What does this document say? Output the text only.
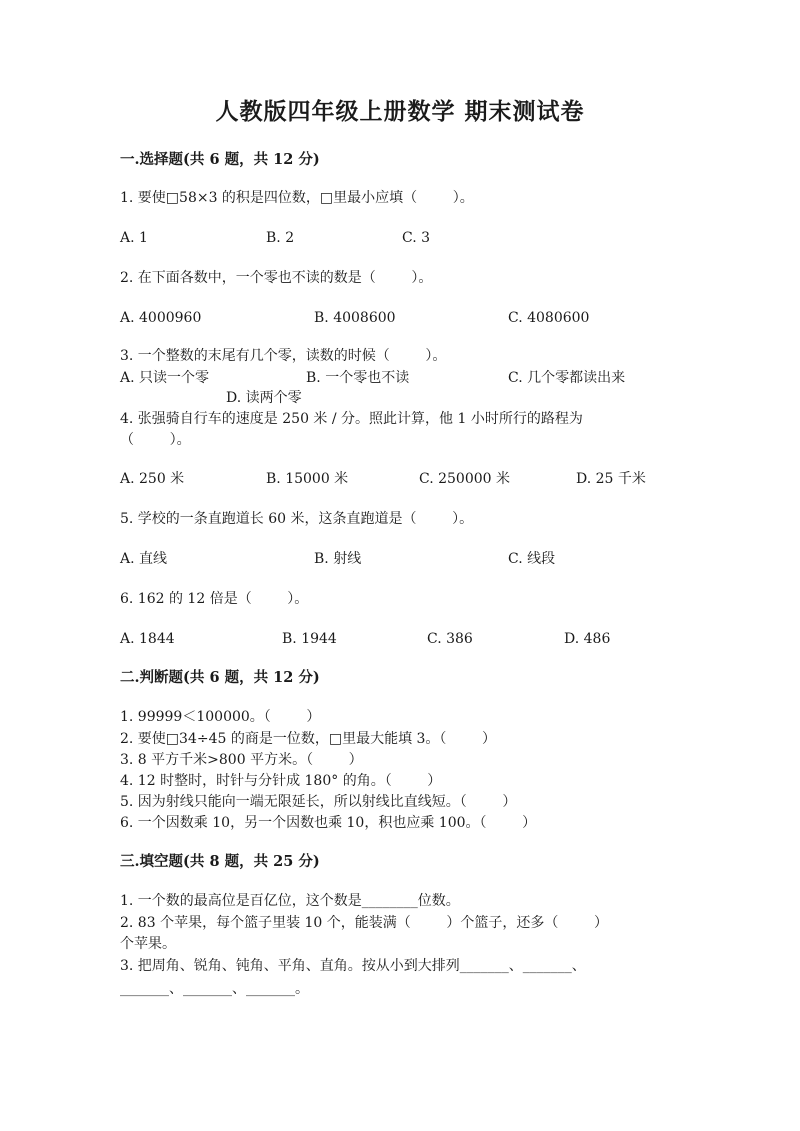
人教版四年级上册数学 期末测试卷
一.选择题(共 6 题，共 12 分)
1. 要使□58×3 的积是四位数，□里最小应填（        ）。
A. 1	B. 2	C. 3
2. 在下面各数中，一个零也不读的数是（        ）。
A. 4000960	B. 4008600	C. 4080600
3. 一个整数的末尾有几个零，读数的时候（        ）。
A. 只读一个零	B. 一个零也不读	C. 几个零都读出来
D. 读两个零
4. 张强骑自行车的速度是 250 米 / 分。照此计算，他 1 小时所行的路程为
（        ）。
A. 250 米	B. 15000 米	C. 250000 米	D. 25 千米
5. 学校的一条直跑道长 60 米，这条直跑道是（        ）。
A. 直线	B. 射线	C. 线段
6. 162 的 12 倍是（        ）。
A. 1844	B. 1944	C. 386	D. 486
二.判断题(共 6 题，共 12 分)
1. 99999＜100000。（        ）
2. 要使□34÷45 的商是一位数，□里最大能填 3。（        ）
3. 8 平方千米>800 平方米。（        ）
4. 12 时整时，时针与分针成 180° 的角。（        ）
5. 因为射线只能向一端无限延长，所以射线比直线短。（        ）
6. 一个因数乘 10，另一个因数也乘 10，积也应乘 100。（        ）
三.填空题(共 8 题，共 25 分)
1. 一个数的最高位是百亿位，这个数是________位数。
2. 83 个苹果，每个篮子里装 10 个，能装满（        ）个篮子，还多（        ）
个苹果。
3. 把周角、锐角、钝角、平角、直角。按从小到大排列_______、_______、
_______、_______、_______。
